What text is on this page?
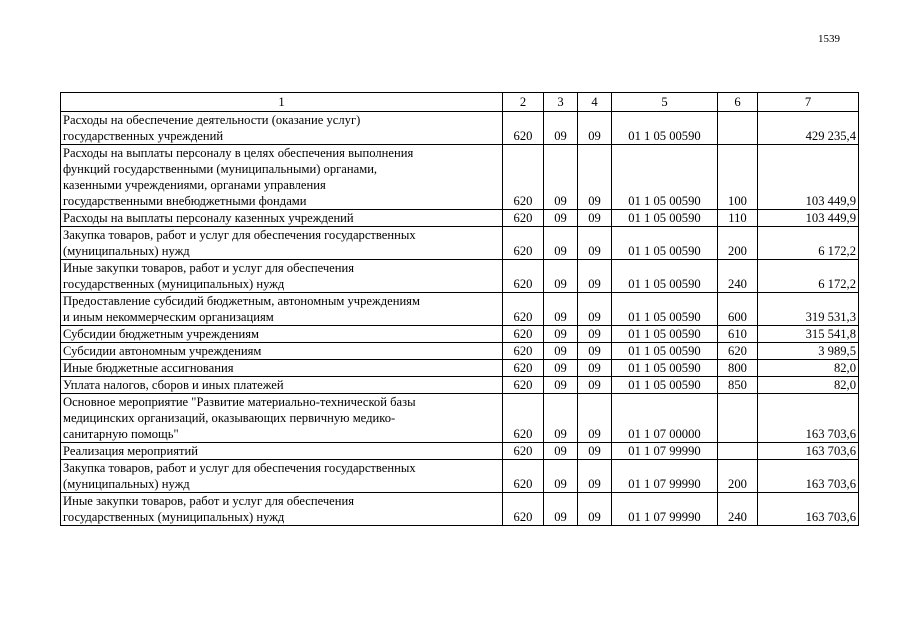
1539
1	2	3	4	5	6	7
Расходы на обеспечение деятельности (оказание услуг)
государственных учреждений	620	09	09	01 1 05 00590		429 235,4
Расходы на выплаты персоналу в целях обеспечения выполнения
функций государственными (муниципальными) органами,
казенными учреждениями, органами управления
государственными внебюджетными фондами	620	09	09	01 1 05 00590	100	103 449,9
Расходы на выплаты персоналу казенных учреждений	620	09	09	01 1 05 00590	110	103 449,9
Закупка товаров, работ и услуг для обеспечения государственных
(муниципальных) нужд	620	09	09	01 1 05 00590	200	6 172,2
Иные закупки товаров, работ и услуг для обеспечения
государственных (муниципальных) нужд	620	09	09	01 1 05 00590	240	6 172,2
Предоставление субсидий бюджетным, автономным учреждениям
и иным некоммерческим организациям	620	09	09	01 1 05 00590	600	319 531,3
Субсидии бюджетным учреждениям	620	09	09	01 1 05 00590	610	315 541,8
Субсидии автономным учреждениям	620	09	09	01 1 05 00590	620	3 989,5
Иные бюджетные ассигнования	620	09	09	01 1 05 00590	800	82,0
Уплата налогов, сборов и иных платежей	620	09	09	01 1 05 00590	850	82,0
Основное мероприятие "Развитие материально-технической базы
медицинских организаций, оказывающих первичную медико-
санитарную помощь"	620	09	09	01 1 07 00000		163 703,6
Реализация мероприятий	620	09	09	01 1 07 99990		163 703,6
Закупка товаров, работ и услуг для обеспечения государственных
(муниципальных) нужд	620	09	09	01 1 07 99990	200	163 703,6
Иные закупки товаров, работ и услуг для обеспечения
государственных (муниципальных) нужд	620	09	09	01 1 07 99990	240	163 703,6
